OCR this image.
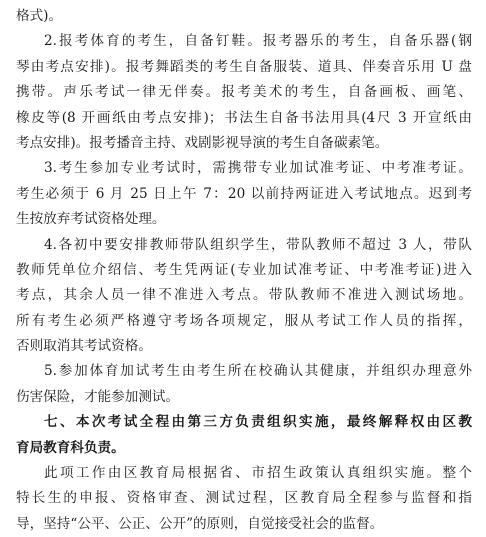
格式)。
2.报考体育的考生，自备钉鞋。报考器乐的考生，自备乐器(钢
琴由考点安排)。报考舞蹈类的考生自备服装、道具、伴奏音乐用 U 盘
携带。声乐考试一律无伴奏。报考美术的考生，自备画板、画笔、
橡皮等(8 开画纸由考点安排)；书法生自备书法用具(4尺 3 开宣纸由
考点安排)。报考播音主持、戏剧影视导演的考生自备碳素笔。
3.考生参加专业考试时，需携带专业加试准考证、中考准考证。
考生必须于 6 月 25 日上午 7：20 以前持两证进入考试地点。迟到考
生按放弃考试资格处理。
4.各初中要安排教师带队组织学生，带队教师不超过 3 人，带队
教师凭单位介绍信、考生凭两证(专业加试准考证、中考准考证)进入
考点，其余人员一律不准进入考点。带队教师不准进入测试场地。
所有考生必须严格遵守考场各项规定，服从考试工作人员的指挥，
否则取消其考试资格。
5.参加体育加试考生由考生所在校确认其健康，并组织办理意外
伤害保险，才能参加测试。
七、本次考试全程由第三方负责组织实施，最终解释权由区教
育局教育科负责。
此项工作由区教育局根据省、市招生政策认真组织实施。整个
特长生的申报、资格审查、测试过程，区教育局全程参与监督和指
导，坚持“公平、公正、公开”的原则，自觉接受社会的监督。
